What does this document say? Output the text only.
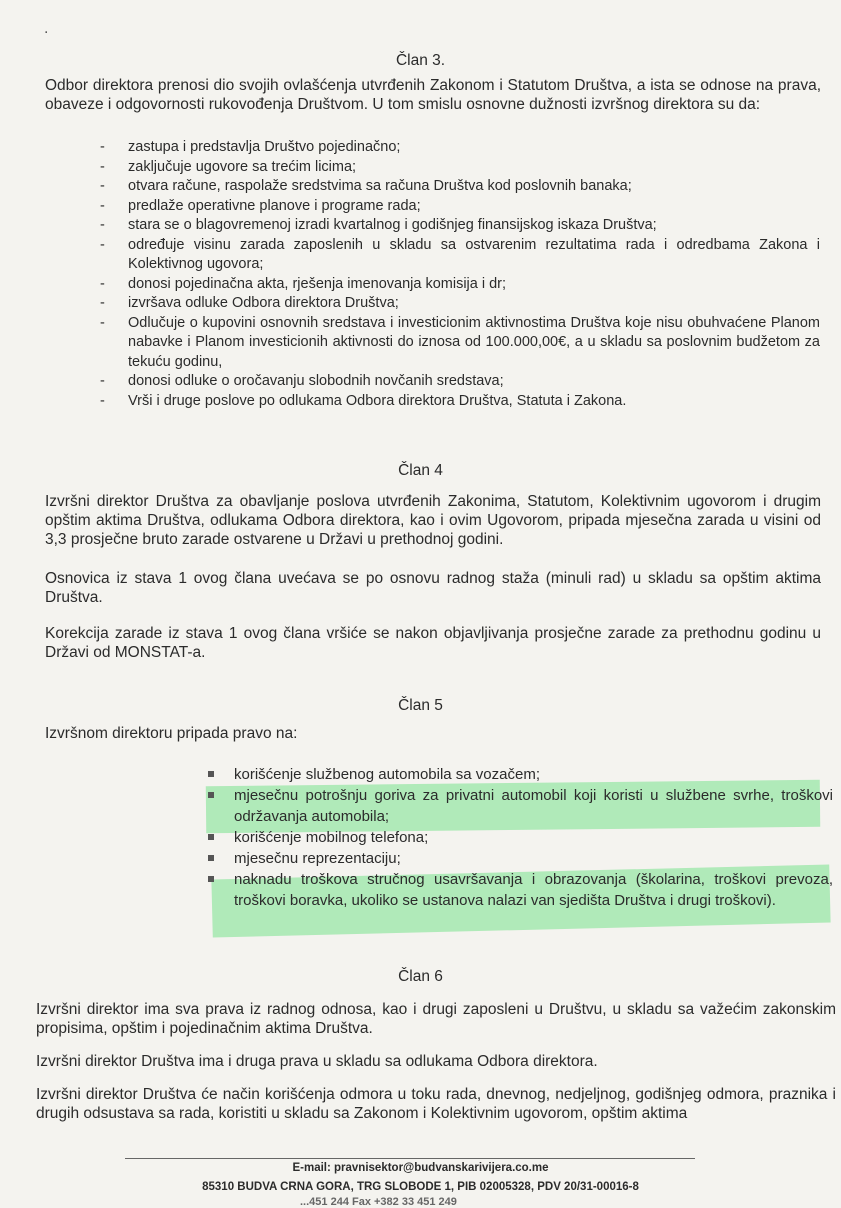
.
Član 3.
Odbor direktora prenosi dio svojih ovlašćenja utvrđenih Zakonom i Statutom Društva, a ista se odnose na prava, obaveze i odgovornosti rukovođenja Društvom. U tom smislu osnovne dužnosti izvršnog direktora su da:
- zastupa i predstavlja Društvo pojedinačno;
- zaključuje ugovore sa trećim licima;
- otvara račune, raspolaže sredstvima sa računa Društva kod poslovnih banaka;
- predlaže operativne planove i programe rada;
- stara se o blagovremenoj izradi kvartalnog i godišnjeg finansijskog iskaza Društva;
- određuje visinu zarada zaposlenih u skladu sa ostvarenim rezultatima rada i odredbama Zakona i Kolektivnog ugovora;
- donosi pojedinačna akta, rješenja imenovanja komisija i dr;
- izvršava odluke Odbora direktora Društva;
- Odlučuje o kupovini osnovnih sredstava i investicionim aktivnostima Društva koje nisu obuhvaćene Planom nabavke i Planom investicionih aktivnosti do iznosa od 100.000,00€, a u skladu sa poslovnim budžetom za tekuću godinu,
- donosi odluke o oročavanju slobodnih novčanih sredstava;
- Vrši i druge poslove po odlukama Odbora direktora Društva, Statuta i Zakona.
Član 4
Izvršni direktor Društva za obavljanje poslova utvrđenih Zakonima, Statutom, Kolektivnim ugovorom i drugim opštim aktima Društva, odlukama Odbora direktora, kao i ovim Ugovorom, pripada mjesečna zarada u visini od 3,3 prosječne bruto zarade ostvarene u Državi u prethodnoj godini.
Osnovica iz stava 1 ovog člana uvećava se po osnovu radnog staža (minuli rad) u skladu sa opštim aktima Društva.
Korekcija zarade iz stava 1 ovog člana vršiće se nakon objavljivanja prosječne zarade za prethodnu godinu u Državi od MONSTAT-a.
Član 5
Izvršnom direktoru pripada pravo na:
korišćenje službenog automobila sa vozačem;
mjesečnu potrošnju goriva za privatni automobil koji koristi u službene svrhe, troškovi održavanja automobila;
korišćenje mobilnog telefona;
mjesečnu reprezentaciju;
naknadu troškova stručnog usavršavanja i obrazovanja (školarina, troškovi prevoza, troškovi boravka, ukoliko se ustanova nalazi van sjedišta Društva i drugi troškovi).
Član 6
Izvršni direktor ima sva prava iz radnog odnosa, kao i drugi zaposleni u Društvu, u skladu sa važećim zakonskim propisima, opštim i pojedinačnim aktima Društva.
Izvršni direktor Društva ima i druga prava u skladu sa odlukama Odbora direktora.
Izvršni direktor Društva će način korišćenja odmora u toku rada, dnevnog, nedjeljnog, godišnjeg odmora, praznika i drugih odsustava sa rada, koristiti u skladu sa Zakonom i Kolektivnim ugovorom, opštim aktima
E-mail: pravnisektor@budvanskarivijera.co.me
85310 BUDVA CRNA GORA, TRG SLOBODE 1, PIB 02005328, PDV 20/31-00016-8
...451 244 Fax +382 33 451 249
